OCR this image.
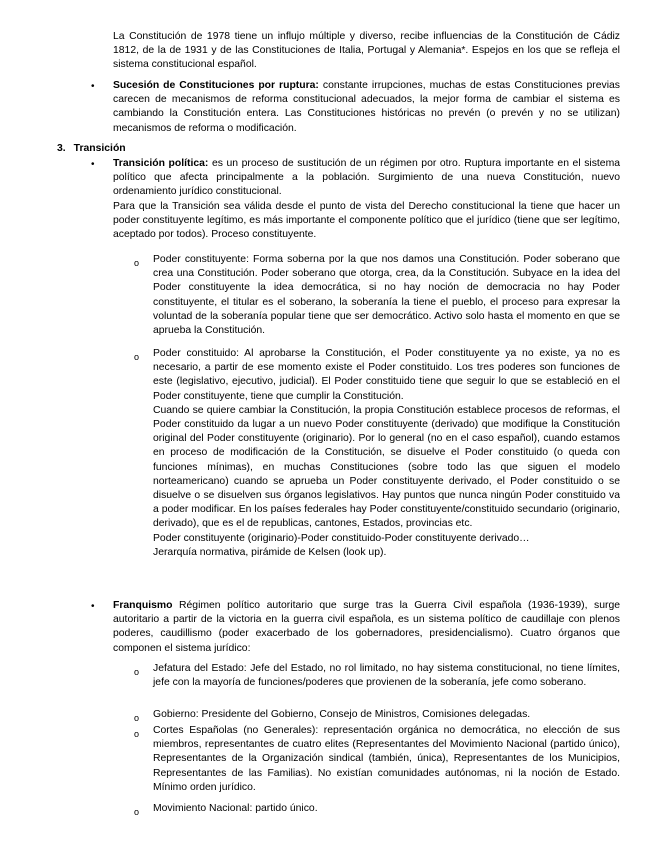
La Constitución de 1978 tiene un influjo múltiple y diverso, recibe influencias de la Constitución de Cádiz 1812, de la de 1931 y de las Constituciones de Italia, Portugal y Alemania*. Espejos en los que se refleja el sistema constitucional español.

• Sucesión de Constituciones por ruptura: constante irrupciones, muchas de estas Constituciones previas carecen de mecanismos de reforma constitucional adecuados, la mejor forma de cambiar el sistema es cambiando la Constitución entera. Las Constituciones históricas no prevén (o prevén y no se utilizan) mecanismos de reforma o modificación.

3. Transición

• Transición política: es un proceso de sustitución de un régimen por otro. Ruptura importante en el sistema político que afecta principalmente a la población. Surgimiento de una nueva Constitución, nuevo ordenamiento jurídico constitucional.

Para que la Transición sea válida desde el punto de vista del Derecho constitucional la tiene que hacer un poder constituyente legítimo, es más importante el componente político que el jurídico (tiene que ser legítimo, aceptado por todos). Proceso constituyente.

o Poder constituyente: Forma soberna por la que nos damos una Constitución. Poder soberano que crea una Constitución. Poder soberano que otorga, crea, da la Constitución. Subyace en la idea del Poder constituyente la idea democrática, si no hay noción de democracia no hay Poder constituyente, el titular es el soberano, la soberanía la tiene el pueblo, el proceso para expresar la voluntad de la soberanía popular tiene que ser democrático. Activo solo hasta el momento en que se aprueba la Constitución.

o Poder constituido: Al aprobarse la Constitución, el Poder constituyente ya no existe, ya no es necesario, a partir de ese momento existe el Poder constituido. Los tres poderes son funciones de este (legislativo, ejecutivo, judicial). El Poder constituido tiene que seguir lo que se estableció en el Poder constituyente, tiene que cumplir la Constitución.

Cuando se quiere cambiar la Constitución, la propia Constitución establece procesos de reformas, el Poder constituido da lugar a un nuevo Poder constituyente (derivado) que modifique la Constitución original del Poder constituyente (originario). Por lo general (no en el caso español), cuando estamos en proceso de modificación de la Constitución, se disuelve el Poder constituido (o queda con funciones mínimas), en muchas Constituciones (sobre todo las que siguen el modelo norteamericano) cuando se aprueba un Poder constituyente derivado, el Poder constituido o se disuelve o se disuelven sus órganos legislativos. Hay puntos que nunca ningún Poder constituido va a poder modificar. En los países federales hay Poder constituyente/constituido secundario (originario, derivado), que es el de republicas, cantones, Estados, provincias etc.

Poder constituyente (originario)-Poder constituido-Poder constituyente derivado…

Jerarquía normativa, pirámide de Kelsen (look up).

• Franquismo Régimen político autoritario que surge tras la Guerra Civil española (1936-1939), surge autoritario a partir de la victoria en la guerra civil española, es un sistema político de caudillaje con plenos poderes, caudillismo (poder exacerbado de los gobernadores, presidencialismo). Cuatro órganos que componen el sistema jurídico:

o Jefatura del Estado: Jefe del Estado, no rol limitado, no hay sistema constitucional, no tiene límites, jefe con la mayoría de funciones/poderes que provienen de la soberanía, jefe como soberano.

o Gobierno: Presidente del Gobierno, Consejo de Ministros, Comisiones delegadas.

o Cortes Españolas (no Generales): representación orgánica no democrática, no elección de sus miembros, representantes de cuatro elites (Representantes del Movimiento Nacional (partido único), Representantes de la Organización sindical (también, única), Representantes de los Municipios, Representantes de las Familias). No existían comunidades autónomas, ni la noción de Estado. Mínimo orden jurídico.

o Movimiento Nacional: partido único.
